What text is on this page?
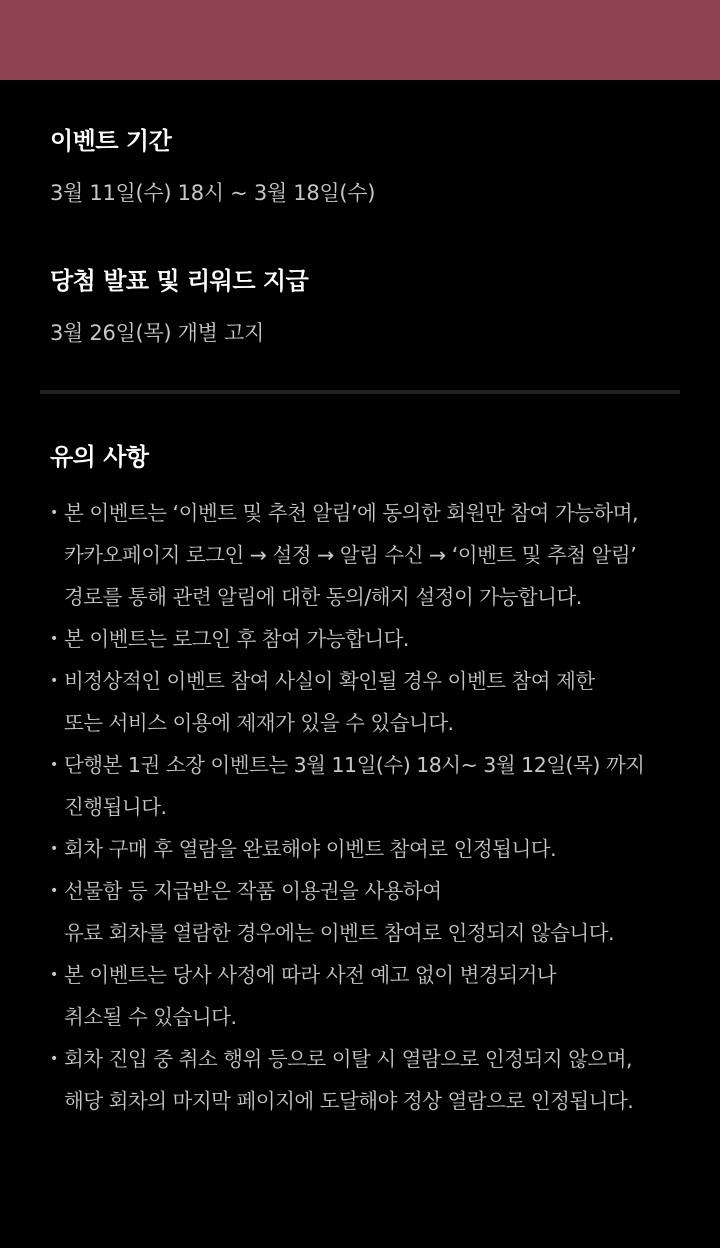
이벤트 기간
3월 11일(수) 18시 ~ 3월 18일(수)
당첨 발표 및 리워드 지급
3월 26일(목) 개별 고지
유의 사항
• 본 이벤트는 ‘이벤트 및 추천 알림’에 동의한 회원만 참여 가능하며,
카카오페이지 로그인 → 설정 → 알림 수신 → ‘이벤트 및 추첨 알림’
경로를 통해 관련 알림에 대한 동의/해지 설정이 가능합니다.
• 본 이벤트는 로그인 후 참여 가능합니다.
• 비정상적인 이벤트 참여 사실이 확인될 경우 이벤트 참여 제한
또는 서비스 이용에 제재가 있을 수 있습니다.
• 단행본 1권 소장 이벤트는 3월 11일(수) 18시~ 3월 12일(목) 까지
진행됩니다.
• 회차 구매 후 열람을 완료해야 이벤트 참여로 인정됩니다.
• 선물함 등 지급받은 작품 이용권을 사용하여
유료 회차를 열람한 경우에는 이벤트 참여로 인정되지 않습니다.
• 본 이벤트는 당사 사정에 따라 사전 예고 없이 변경되거나
취소될 수 있습니다.
• 회차 진입 중 취소 행위 등으로 이탈 시 열람으로 인정되지 않으며,
해당 회차의 마지막 페이지에 도달해야 정상 열람으로 인정됩니다.
